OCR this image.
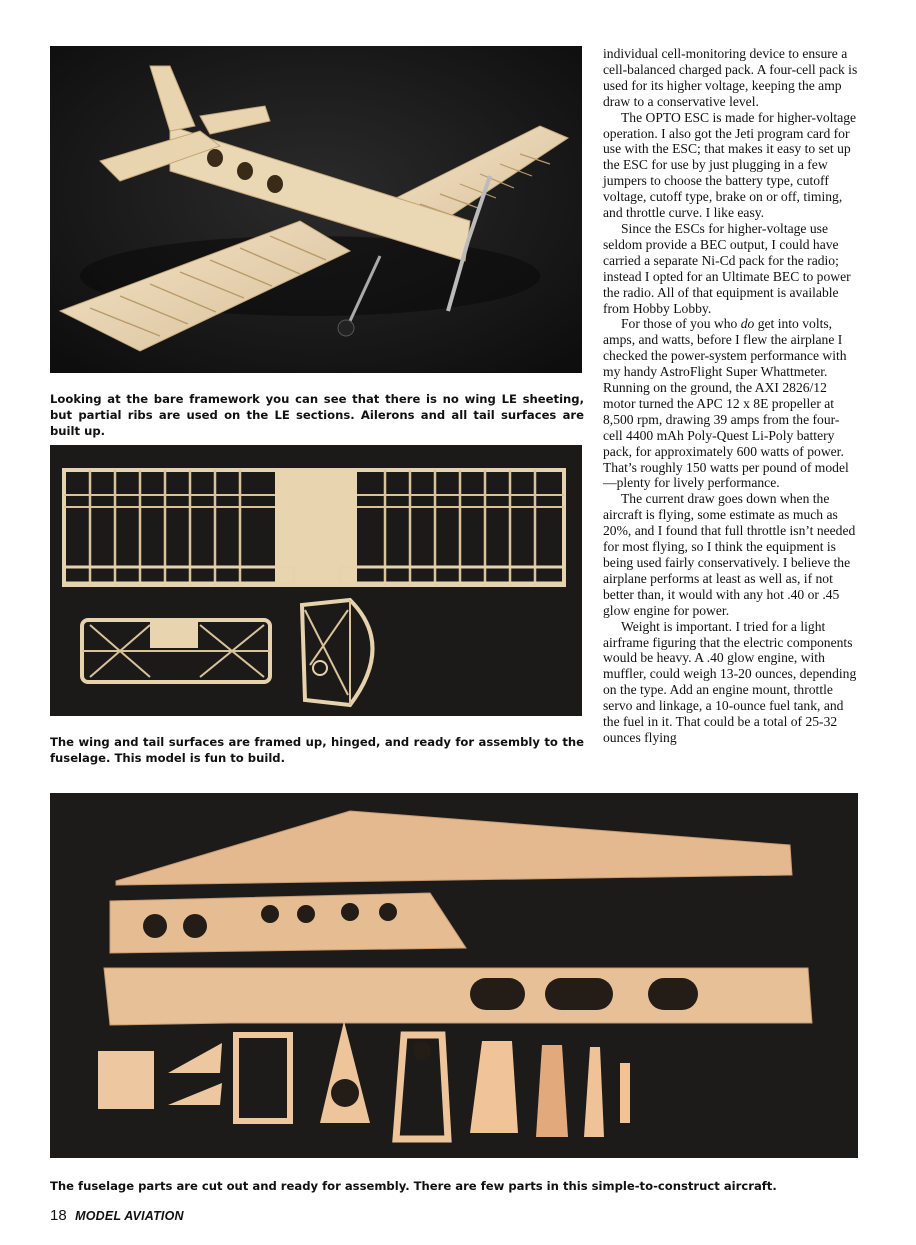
Looking at the bare framework you can see that there is no wing LE sheeting, but partial ribs are used on the LE sections. Ailerons and all tail surfaces are built up.
The wing and tail surfaces are framed up, hinged, and ready for assembly to the fuselage. This model is fun to build.
The fuselage parts are cut out and ready for assembly. There are few parts in this simple-to-construct aircraft.

individual cell-monitoring device to ensure a cell-balanced charged pack. A four-cell pack is used for its higher voltage, keeping the amp draw to a conservative level.

The OPTO ESC is made for higher-voltage operation. I also got the Jeti program card for use with the ESC; that makes it easy to set up the ESC for use by just plugging in a few jumpers to choose the battery type, cutoff voltage, cutoff type, brake on or off, timing, and throttle curve. I like easy.

Since the ESCs for higher-voltage use seldom provide a BEC output, I could have carried a separate Ni-Cd pack for the radio; instead I opted for an Ultimate BEC to power the radio. All of that equipment is available from Hobby Lobby.

For those of you who do get into volts, amps, and watts, before I flew the airplane I checked the power-system performance with my handy AstroFlight Super Whattmeter. Running on the ground, the AXI 2826/12 motor turned the APC 12 x 8E propeller at 8,500 rpm, drawing 39 amps from the four-cell 4400 mAh Poly-Quest Li-Poly battery pack, for approximately 600 watts of power. That’s roughly 150 watts per pound of model—plenty for lively performance.

The current draw goes down when the aircraft is flying, some estimate as much as 20%, and I found that full throttle isn’t needed for most flying, so I think the equipment is being used fairly conservatively. I believe the airplane performs at least as well as, if not better than, it would with any hot .40 or .45 glow engine for power.

Weight is important. I tried for a light airframe figuring that the electric components would be heavy. A .40 glow engine, with muffler, could weigh 13-20 ounces, depending on the type. Add an engine mount, throttle servo and linkage, a 10-ounce fuel tank, and the fuel in it. That could be a total of 25-32 ounces flying

18 MODEL AVIATION
